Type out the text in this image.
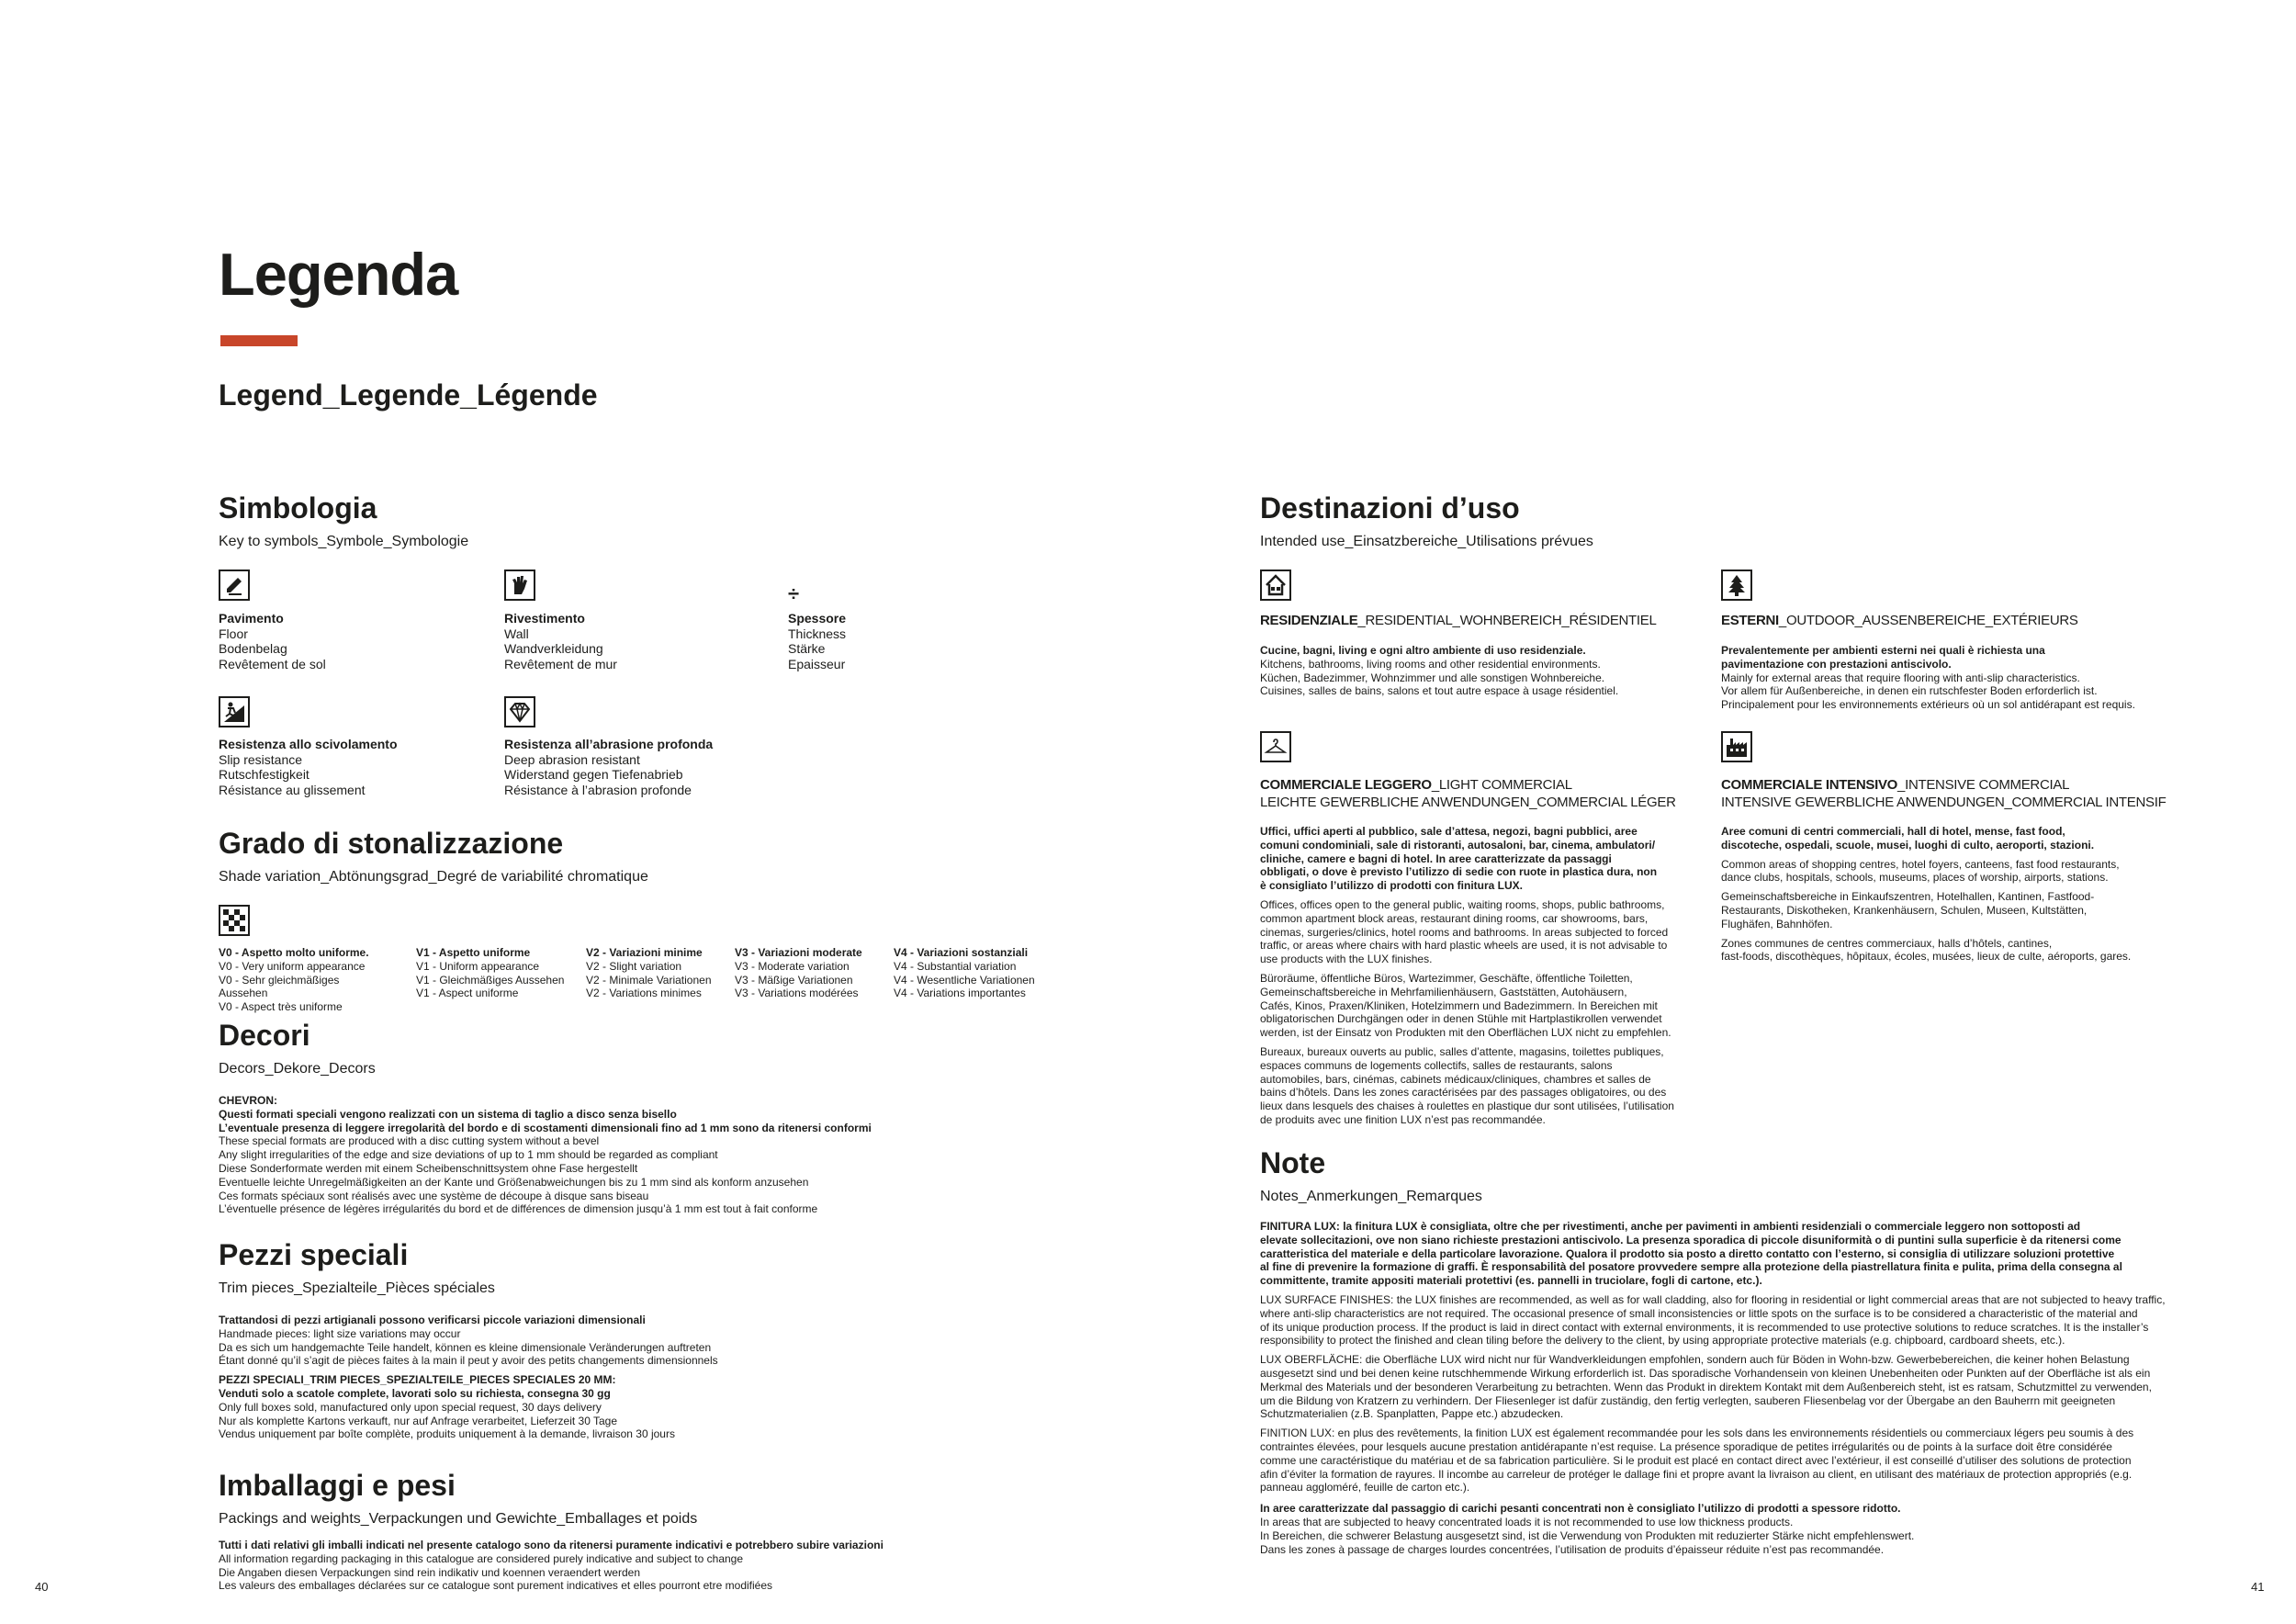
Legenda
Legend_Legende_Légende
Simbologia
Key to symbols_Symbole_Symbologie
Pavimento
Floor
Bodenbelag
Revêtement de sol
Rivestimento
Wall
Wandverkleidung
Revêtement de mur
÷
Spessore
Thickness
Stärke
Epaisseur
Resistenza allo scivolamento
Slip resistance
Rutschfestigkeit
Résistance au glissement
Resistenza all’abrasione profonda
Deep abrasion resistant
Widerstand gegen Tiefenabrieb
Résistance à l’abrasion profonde
Grado di stonalizzazione
Shade variation_Abtönungsgrad_Degré de variabilité chromatique
V0 - Aspetto molto uniforme.
V0 - Very uniform appearance
V0 - Sehr gleichmäßiges Aussehen
V0 - Aspect très uniforme
V1 - Aspetto uniforme
V1 - Uniform appearance
V1 - Gleichmäßiges Aussehen
V1 - Aspect uniforme
V2 - Variazioni minime
V2 - Slight variation
V2 - Minimale Variationen
V2 - Variations minimes
V3 - Variazioni moderate
V3 - Moderate variation
V3 - Mäßige Variationen
V3 - Variations modérées
V4 - Variazioni sostanziali
V4 - Substantial variation
V4 - Wesentliche Variationen
V4 - Variations importantes
Decori
Decors_Dekore_Decors
CHEVRON:
Questi formati speciali vengono realizzati con un sistema di taglio a disco senza bisello
L’eventuale presenza di leggere irregolarità del bordo e di scostamenti dimensionali fino ad 1 mm sono da ritenersi conformi
These special formats are produced with a disc cutting system without a bevel
Any slight irregularities of the edge and size deviations of up to 1 mm should be regarded as compliant
Diese Sonderformate werden mit einem Scheibenschnittsystem ohne Fase hergestellt
Eventuelle leichte Unregelmäßigkeiten an der Kante und Größenabweichungen bis zu 1 mm sind als konform anzusehen
Ces formats spéciaux sont réalisés avec une système de découpe à disque sans biseau
L’éventuelle présence de légères irrégularités du bord et de différences de dimension jusqu’à 1 mm est tout à fait conforme
Pezzi speciali
Trim pieces_Spezialteile_Pièces spéciales
Trattandosi di pezzi artigianali possono verificarsi piccole variazioni dimensionali
Handmade pieces: light size variations may occur
Da es sich um handgemachte Teile handelt, können es kleine dimensionale Veränderungen auftreten
Étant donné qu’il s’agit de pièces faites à la main il peut y avoir des petits changements dimensionnels
PEZZI SPECIALI_TRIM PIECES_SPEZIALTEILE_PIECES SPECIALES 20 MM:
Venduti solo a scatole complete, lavorati solo su richiesta, consegna 30 gg
Only full boxes sold, manufactured only upon special request, 30 days delivery
Nur als komplette Kartons verkauft, nur auf Anfrage verarbeitet, Lieferzeit 30 Tage
Vendus uniquement par boîte complète, produits uniquement à la demande, livraison 30 jours
Imballaggi e pesi
Packings and weights_Verpackungen und Gewichte_Emballages et poids
Tutti i dati relativi gli imballi indicati nel presente catalogo sono da ritenersi puramente indicativi e potrebbero subire variazioni
All information regarding packaging in this catalogue are considered purely indicative and subject to change
Die Angaben diesen Verpackungen sind rein indikativ und koennen veraendert werden
Les valeurs des emballages déclarées sur ce catalogue sont purement indicatives et elles pourront etre modifiées
40
Destinazioni d’uso
Intended use_Einsatzbereiche_Utilisations prévues
RESIDENZIALE_RESIDENTIAL_WOHNBEREICH_RÉSIDENTIEL
Cucine, bagni, living e ogni altro ambiente di uso residenziale.
Kitchens, bathrooms, living rooms and other residential environments.
Küchen, Badezimmer, Wohnzimmer und alle sonstigen Wohnbereiche.
Cuisines, salles de bains, salons et tout autre espace à usage résidentiel.
ESTERNI_OUTDOOR_AUSSENBEREICHE_EXTÉRIEURS
Prevalentemente per ambienti esterni nei quali è richiesta una
pavimentazione con prestazioni antiscivolo.
Mainly for external areas that require flooring with anti-slip characteristics.
Vor allem für Außenbereiche, in denen ein rutschfester Boden erforderlich ist.
Principalement pour les environnements extérieurs où un sol antidérapant est requis.
COMMERCIALE LEGGERO_LIGHT COMMERCIAL
LEICHTE GEWERBLICHE ANWENDUNGEN_COMMERCIAL LÉGER
Uffici, uffici aperti al pubblico, sale d’attesa, negozi, bagni pubblici, aree
comuni condominiali, sale di ristoranti, autosaloni, bar, cinema, ambulatori/
cliniche, camere e bagni di hotel. In aree caratterizzate da passaggi
obbligati, o dove è previsto l’utilizzo di sedie con ruote in plastica dura, non
è consigliato l’utilizzo di prodotti con finitura LUX.
Offices, offices open to the general public, waiting rooms, shops, public bathrooms,
common apartment block areas, restaurant dining rooms, car showrooms, bars,
cinemas, surgeries/clinics, hotel rooms and bathrooms. In areas subjected to forced
traffic, or areas where chairs with hard plastic wheels are used, it is not advisable to
use products with the LUX finishes.
Büroräume, öffentliche Büros, Wartezimmer, Geschäfte, öffentliche Toiletten,
Gemeinschaftsbereiche in Mehrfamilienhäusern, Gaststätten, Autohäusern,
Cafés, Kinos, Praxen/Kliniken, Hotelzimmern und Badezimmern. In Bereichen mit
obligatorischen Durchgängen oder in denen Stühle mit Hartplastikrollen verwendet
werden, ist der Einsatz von Produkten mit den Oberflächen LUX nicht zu empfehlen.
Bureaux, bureaux ouverts au public, salles d’attente, magasins, toilettes publiques,
espaces communs de logements collectifs, salles de restaurants, salons
automobiles, bars, cinémas, cabinets médicaux/cliniques, chambres et salles de
bains d’hôtels. Dans les zones caractérisées par des passages obligatoires, ou des
lieux dans lesquels des chaises à roulettes en plastique dur sont utilisées, l’utilisation
de produits avec une finition LUX n’est pas recommandée.
COMMERCIALE INTENSIVO_INTENSIVE COMMERCIAL
INTENSIVE GEWERBLICHE ANWENDUNGEN_COMMERCIAL INTENSIF
Aree comuni di centri commerciali, hall di hotel, mense, fast food,
discoteche, ospedali, scuole, musei, luoghi di culto, aeroporti, stazioni.
Common areas of shopping centres, hotel foyers, canteens, fast food restaurants,
dance clubs, hospitals, schools, museums, places of worship, airports, stations.
Gemeinschaftsbereiche in Einkaufszentren, Hotelhallen, Kantinen, Fastfood-
Restaurants, Diskotheken, Krankenhäusern, Schulen, Museen, Kultstätten,
Flughäfen, Bahnhöfen.
Zones communes de centres commerciaux, halls d’hôtels, cantines,
fast-foods, discothèques, hôpitaux, écoles, musées, lieux de culte, aéroports, gares.
Note
Notes_Anmerkungen_Remarques
FINITURA LUX: la finitura LUX è consigliata, oltre che per rivestimenti, anche per pavimenti in ambienti residenziali o commerciale leggero non sottoposti ad
elevate sollecitazioni, ove non siano richieste prestazioni antiscivolo. La presenza sporadica di piccole disuniformità o di puntini sulla superficie è da ritenersi come
caratteristica del materiale e della particolare lavorazione. Qualora il prodotto sia posto a diretto contatto con l’esterno, si consiglia di utilizzare soluzioni protettive
al fine di prevenire la formazione di graffi. È responsabilità del posatore provvedere sempre alla protezione della piastrellatura finita e pulita, prima della consegna al
committente, tramite appositi materiali protettivi (es. pannelli in truciolare, fogli di cartone, etc.).
LUX SURFACE FINISHES: the LUX finishes are recommended, as well as for wall cladding, also for flooring in residential or light commercial areas that are not subjected to heavy traffic,
where anti-slip characteristics are not required. The occasional presence of small inconsistencies or little spots on the surface is to be considered a characteristic of the material and
of its unique production process. If the product is laid in direct contact with external environments, it is recommended to use protective solutions to reduce scratches. It is the installer’s
responsibility to protect the finished and clean tiling before the delivery to the client, by using appropriate protective materials (e.g. chipboard, cardboard sheets, etc.).
LUX OBERFLÄCHE: die Oberfläche LUX wird nicht nur für Wandverkleidungen empfohlen, sondern auch für Böden in Wohn-bzw. Gewerbebereichen, die keiner hohen Belastung
ausgesetzt sind und bei denen keine rutschhemmende Wirkung erforderlich ist. Das sporadische Vorhandensein von kleinen Unebenheiten oder Punkten auf der Oberfläche ist als ein
Merkmal des Materials und der besonderen Verarbeitung zu betrachten. Wenn das Produkt in direktem Kontakt mit dem Außenbereich steht, ist es ratsam, Schutzmittel zu verwenden,
um die Bildung von Kratzern zu verhindern. Der Fliesenleger ist dafür zuständig, den fertig verlegten, sauberen Fliesenbelag vor der Übergabe an den Bauherrn mit geeigneten
Schutzmaterialien (z.B. Spanplatten, Pappe etc.) abzudecken.
FINITION LUX: en plus des revêtements, la finition LUX est également recommandée pour les sols dans les environnements résidentiels ou commerciaux légers peu soumis à des
contraintes élevées, pour lesquels aucune prestation antidérapante n’est requise. La présence sporadique de petites irrégularités ou de points à la surface doit être considérée
comme une caractéristique du matériau et de sa fabrication particulière. Si le produit est placé en contact direct avec l’extérieur, il est conseillé d’utiliser des solutions de protection
afin d’éviter la formation de rayures. Il incombe au carreleur de protéger le dallage fini et propre avant la livraison au client, en utilisant des matériaux de protection appropriés (e.g.
panneau aggloméré, feuille de carton etc.).
In aree caratterizzate dal passaggio di carichi pesanti concentrati non è consigliato l’utilizzo di prodotti a spessore ridotto.
In areas that are subjected to heavy concentrated loads it is not recommended to use low thickness products.
In Bereichen, die schwerer Belastung ausgesetzt sind, ist die Verwendung von Produkten mit reduzierter Stärke nicht empfehlenswert.
Dans les zones à passage de charges lourdes concentrées, l’utilisation de produits d’épaisseur réduite n’est pas recommandée.
41
